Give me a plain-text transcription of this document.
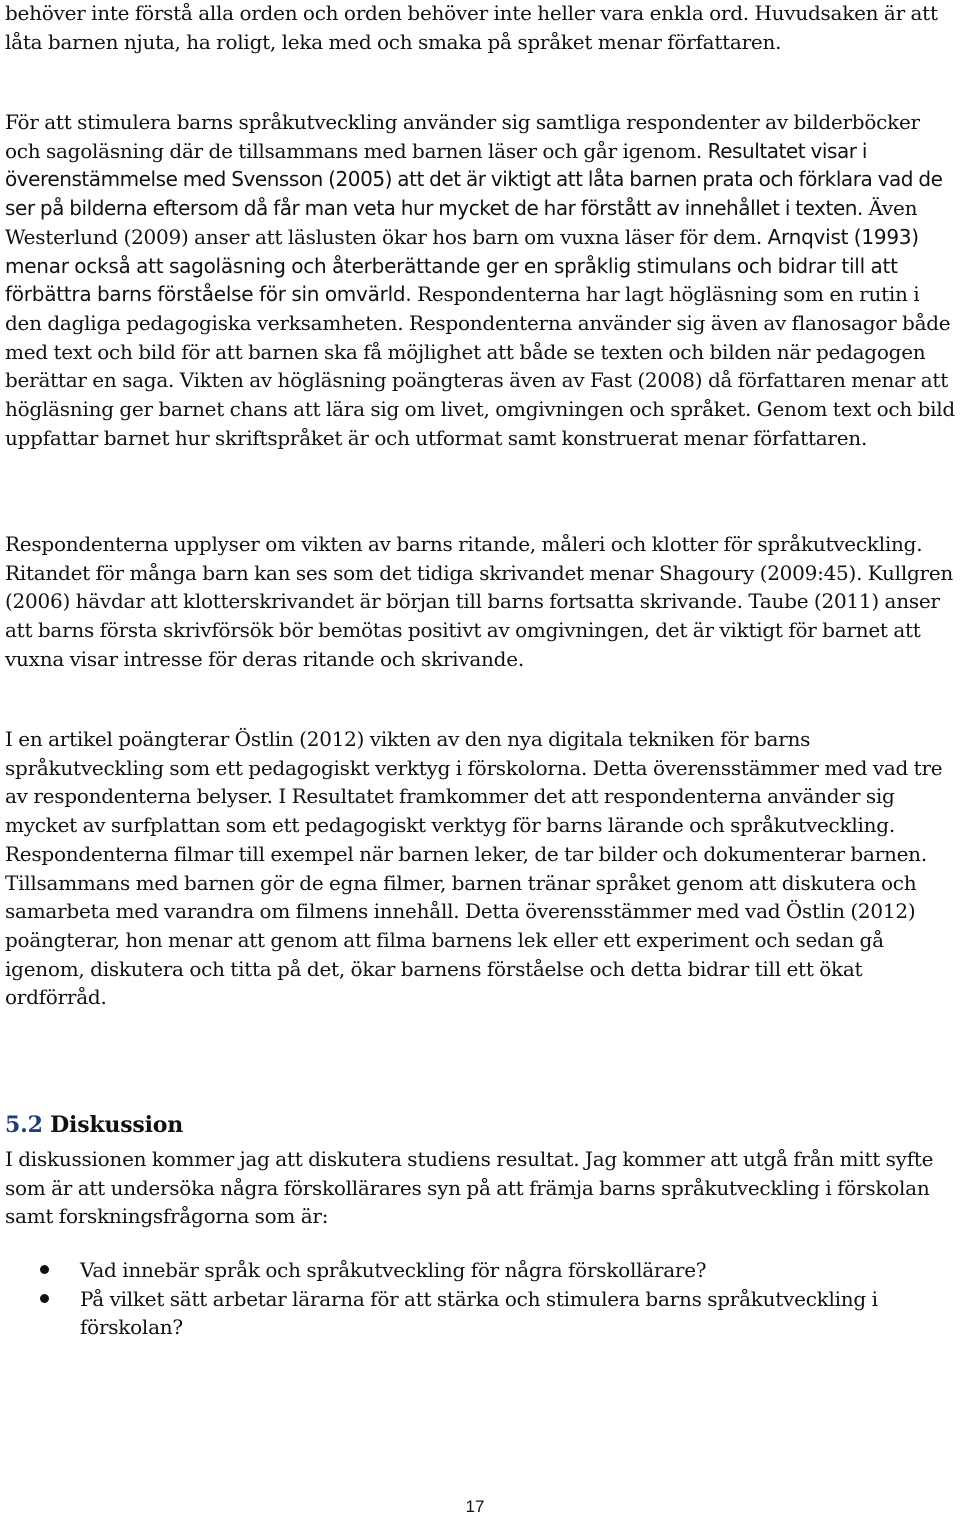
behöver inte förstå alla orden och orden behöver inte heller vara enkla ord. Huvudsaken är att låta barnen njuta, ha roligt, leka med och smaka på språket menar författaren.

För att stimulera barns språkutveckling använder sig samtliga respondenter av bilderböcker och sagoläsning där de tillsammans med barnen läser och går igenom. Resultatet visar i överenstämmelse med Svensson (2005) att det är viktigt att låta barnen prata och förklara vad de ser på bilderna eftersom då får man veta hur mycket de har förstått av innehållet i texten. Även Westerlund (2009) anser att läslusten ökar hos barn om vuxna läser för dem. Arnqvist (1993) menar också att sagoläsning och återberättande ger en språklig stimulans och bidrar till att förbättra barns förståelse för sin omvärld. Respondenterna har lagt högläsning som en rutin i den dagliga pedagogiska verksamheten. Respondenterna använder sig även av flanosagor både med text och bild för att barnen ska få möjlighet att både se texten och bilden när pedagogen berättar en saga. Vikten av högläsning poängteras även av Fast (2008) då författaren menar att högläsning ger barnet chans att lära sig om livet, omgivningen och språket. Genom text och bild uppfattar barnet hur skriftspråket är och utformat samt konstruerat menar författaren.

Respondenterna upplyser om vikten av barns ritande, måleri och klotter för språkutveckling. Ritandet för många barn kan ses som det tidiga skrivandet menar Shagoury (2009:45). Kullgren (2006) hävdar att klotterskrivandet är början till barns fortsatta skrivande. Taube (2011) anser att barns första skrivförsök bör bemötas positivt av omgivningen, det är viktigt för barnet att vuxna visar intresse för deras ritande och skrivande.

I en artikel poängterar Östlin (2012) vikten av den nya digitala tekniken för barns språkutveckling som ett pedagogiskt verktyg i förskolorna. Detta överensstämmer med vad tre av respondenterna belyser. I Resultatet framkommer det att respondenterna använder sig mycket av surfplattan som ett pedagogiskt verktyg för barns lärande och språkutveckling. Respondenterna filmar till exempel när barnen leker, de tar bilder och dokumenterar barnen. Tillsammans med barnen gör de egna filmer, barnen tränar språket genom att diskutera och samarbeta med varandra om filmens innehåll. Detta överensstämmer med vad Östlin (2012) poängterar, hon menar att genom att filma barnens lek eller ett experiment och sedan gå igenom, diskutera och titta på det, ökar barnens förståelse och detta bidrar till ett ökat ordförråd.

5.2 Diskussion

I diskussionen kommer jag att diskutera studiens resultat. Jag kommer att utgå från mitt syfte som är att undersöka några förskollärares syn på att främja barns språkutveckling i förskolan samt forskningsfrågorna som är:

Vad innebär språk och språkutveckling för några förskollärare?
På vilket sätt arbetar lärarna för att stärka och stimulera barns språkutveckling i förskolan?
17
